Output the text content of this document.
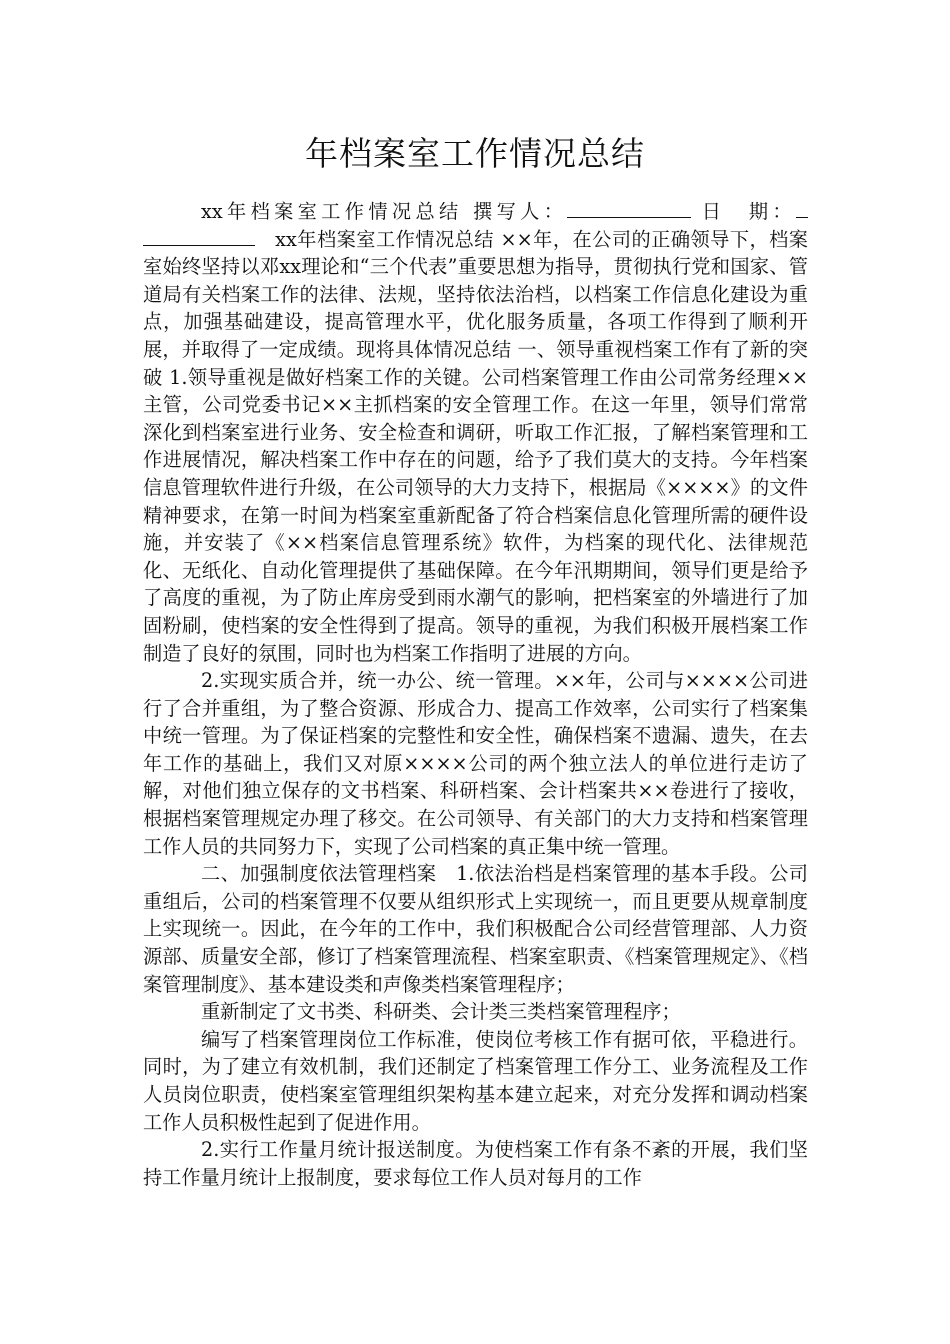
年档案室工作情况总结

xx年档案室工作情况总结 撰写人：	日　期：　xx年档案室工作情况总结 ××年，在公司的正确领导下，档案室始终坚持以邓xx理论和“三个代表”重要思想为指导，贯彻执行党和国家、管道局有关档案工作的法律、法规，坚持依法治档，以档案工作信息化建设为重点，加强基础建设，提高管理水平，优化服务质量，各项工作得到了顺利开展，并取得了一定成绩。现将具体情况总结 一、领导重视档案工作有了新的突破 1.领导重视是做好档案工作的关键。公司档案管理工作由公司常务经理××主管，公司党委书记××主抓档案的安全管理工作。在这一年里，领导们常常深化到档案室进行业务、安全检查和调研，听取工作汇报，了解档案管理和工作进展情况，解决档案工作中存在的问题，给予了我们莫大的支持。今年档案信息管理软件进行升级，在公司领导的大力支持下，根据局《××××》的文件精神要求，在第一时间为档案室重新配备了符合档案信息化管理所需的硬件设施，并安装了《××档案信息管理系统》软件，为档案的现代化、法律规范化、无纸化、自动化管理提供了基础保障。在今年汛期期间，领导们更是给予了高度的重视，为了防止库房受到雨水潮气的影响，把档案室的外墙进行了加固粉刷，使档案的安全性得到了提高。领导的重视，为我们积极开展档案工作制造了良好的氛围，同时也为档案工作指明了进展的方向。

2.实现实质合并，统一办公、统一管理。××年，公司与××××公司进行了合并重组，为了整合资源、形成合力、提高工作效率，公司实行了档案集中统一管理。为了保证档案的完整性和安全性，确保档案不遗漏、遗失，在去年工作的基础上，我们又对原××××公司的两个独立法人的单位进行走访了解，对他们独立保存的文书档案、科研档案、会计档案共××卷进行了接收，根据档案管理规定办理了移交。在公司领导、有关部门的大力支持和档案管理工作人员的共同努力下，实现了公司档案的真正集中统一管理。

二、加强制度依法管理档案　1.依法治档是档案管理的基本手段。公司重组后，公司的档案管理不仅要从组织形式上实现统一，而且更要从规章制度上实现统一。因此，在今年的工作中，我们积极配合公司经营管理部、人力资源部、质量安全部，修订了档案管理流程、档案室职责、《档案管理规定》、《档案管理制度》、基本建设类和声像类档案管理程序；

重新制定了文书类、科研类、会计类三类档案管理程序；

编写了档案管理岗位工作标准，使岗位考核工作有据可依，平稳进行。同时，为了建立有效机制，我们还制定了档案管理工作分工、业务流程及工作人员岗位职责，使档案室管理组织架构基本建立起来，对充分发挥和调动档案工作人员积极性起到了促进作用。

2.实行工作量月统计报送制度。为使档案工作有条不紊的开展，我们坚持工作量月统计上报制度，要求每位工作人员对每月的工作
